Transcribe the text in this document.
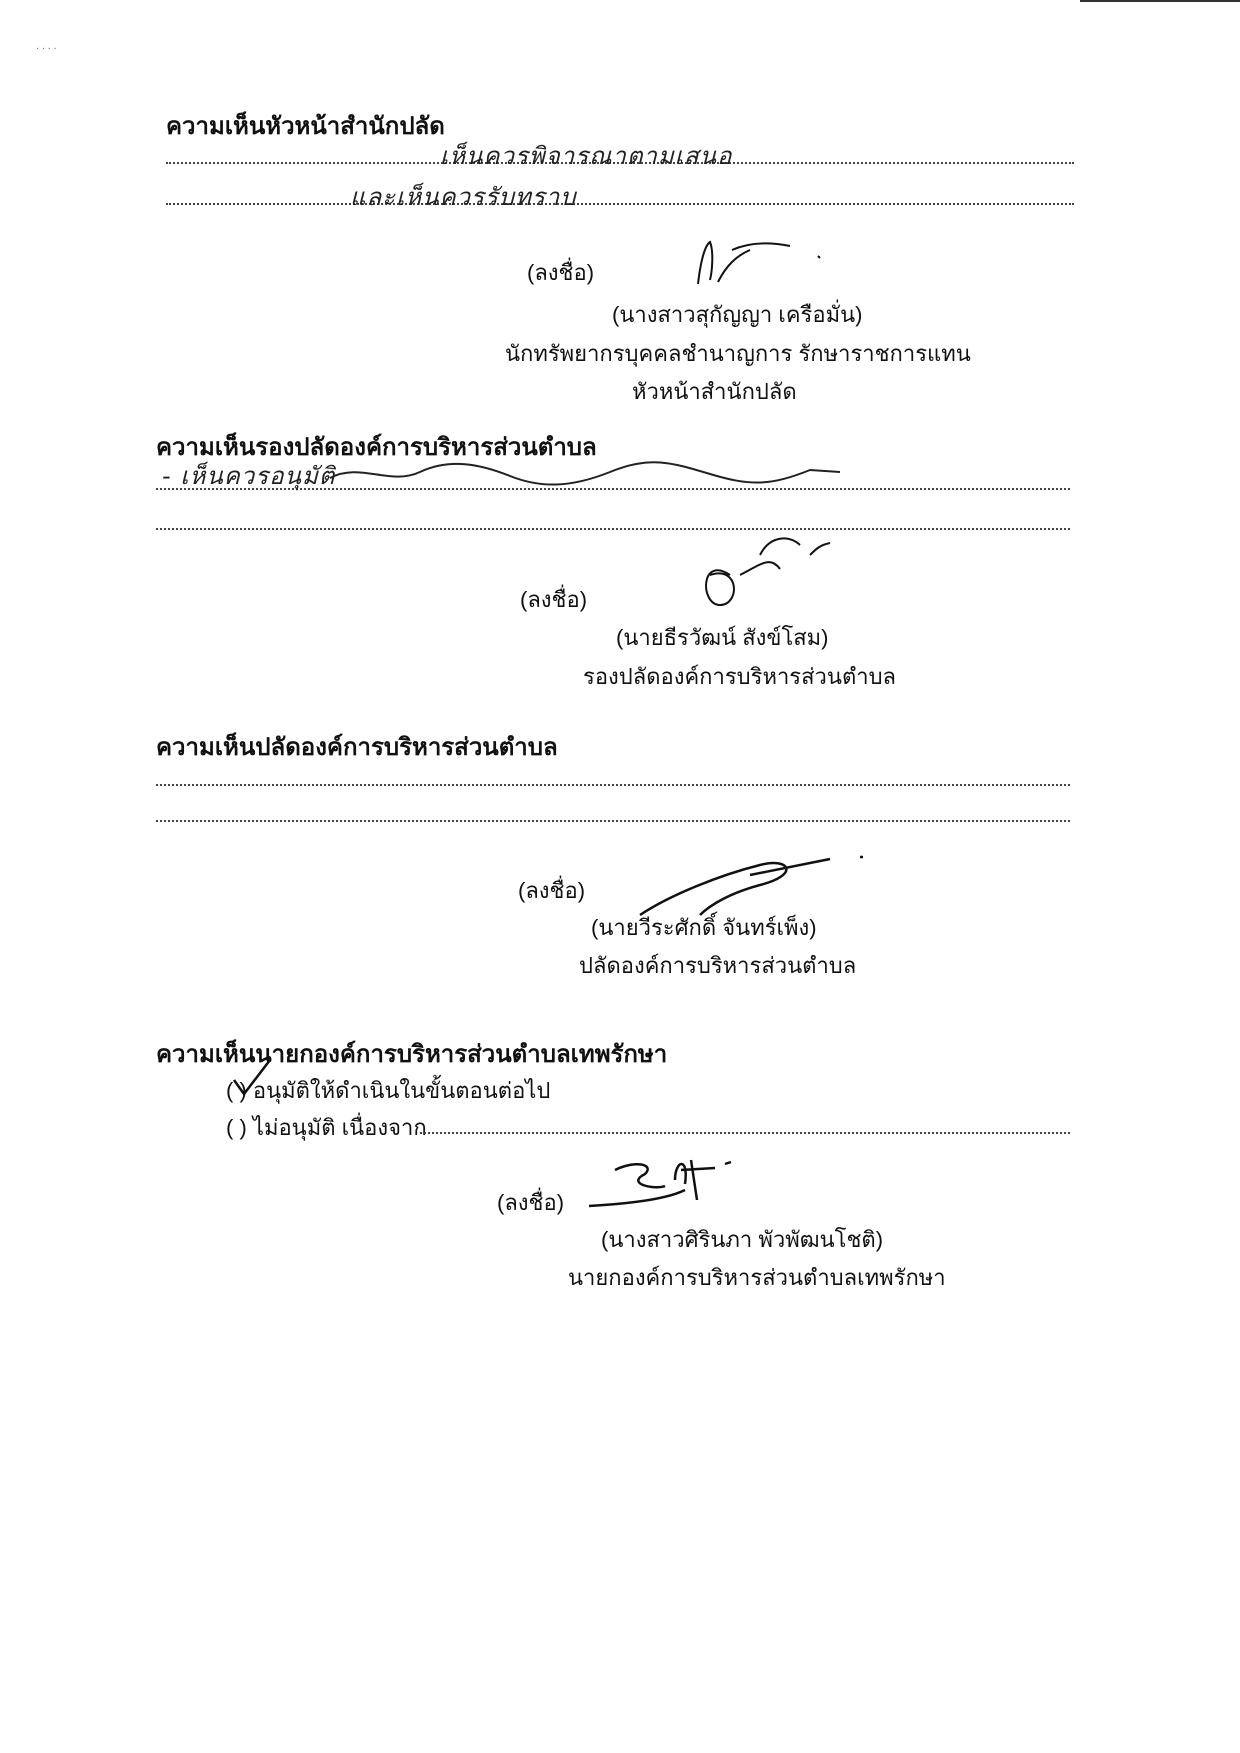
· · · ·
ความเห็นหัวหน้าสำนักปลัด
เห็นควรพิจารณาตามเสนอ
และเห็นควรรับทราบ
(ลงชื่อ)
(นางสาวสุกัญญา เครือมั่น)
นักทรัพยากรบุคคลชำนาญการ รักษาราชการแทน
หัวหน้าสำนักปลัด
ความเห็นรองปลัดองค์การบริหารส่วนตำบล
- เห็นควรอนุมัติ
(ลงชื่อ)
(นายธีรวัฒน์ สังข์โสม)
รองปลัดองค์การบริหารส่วนตำบล
ความเห็นปลัดองค์การบริหารส่วนตำบล
(ลงชื่อ)
(นายวีระศักดิ์ จันทร์เพ็ง)
ปลัดองค์การบริหารส่วนตำบล
ความเห็นนายกองค์การบริหารส่วนตำบลเทพรักษา
( ) อนุมัติให้ดำเนินในขั้นตอนต่อไป
( ) ไม่อนุมัติ เนื่องจาก
(ลงชื่อ)
(นางสาวศิรินภา พัวพัฒนโชติ)
นายกองค์การบริหารส่วนตำบลเทพรักษา
